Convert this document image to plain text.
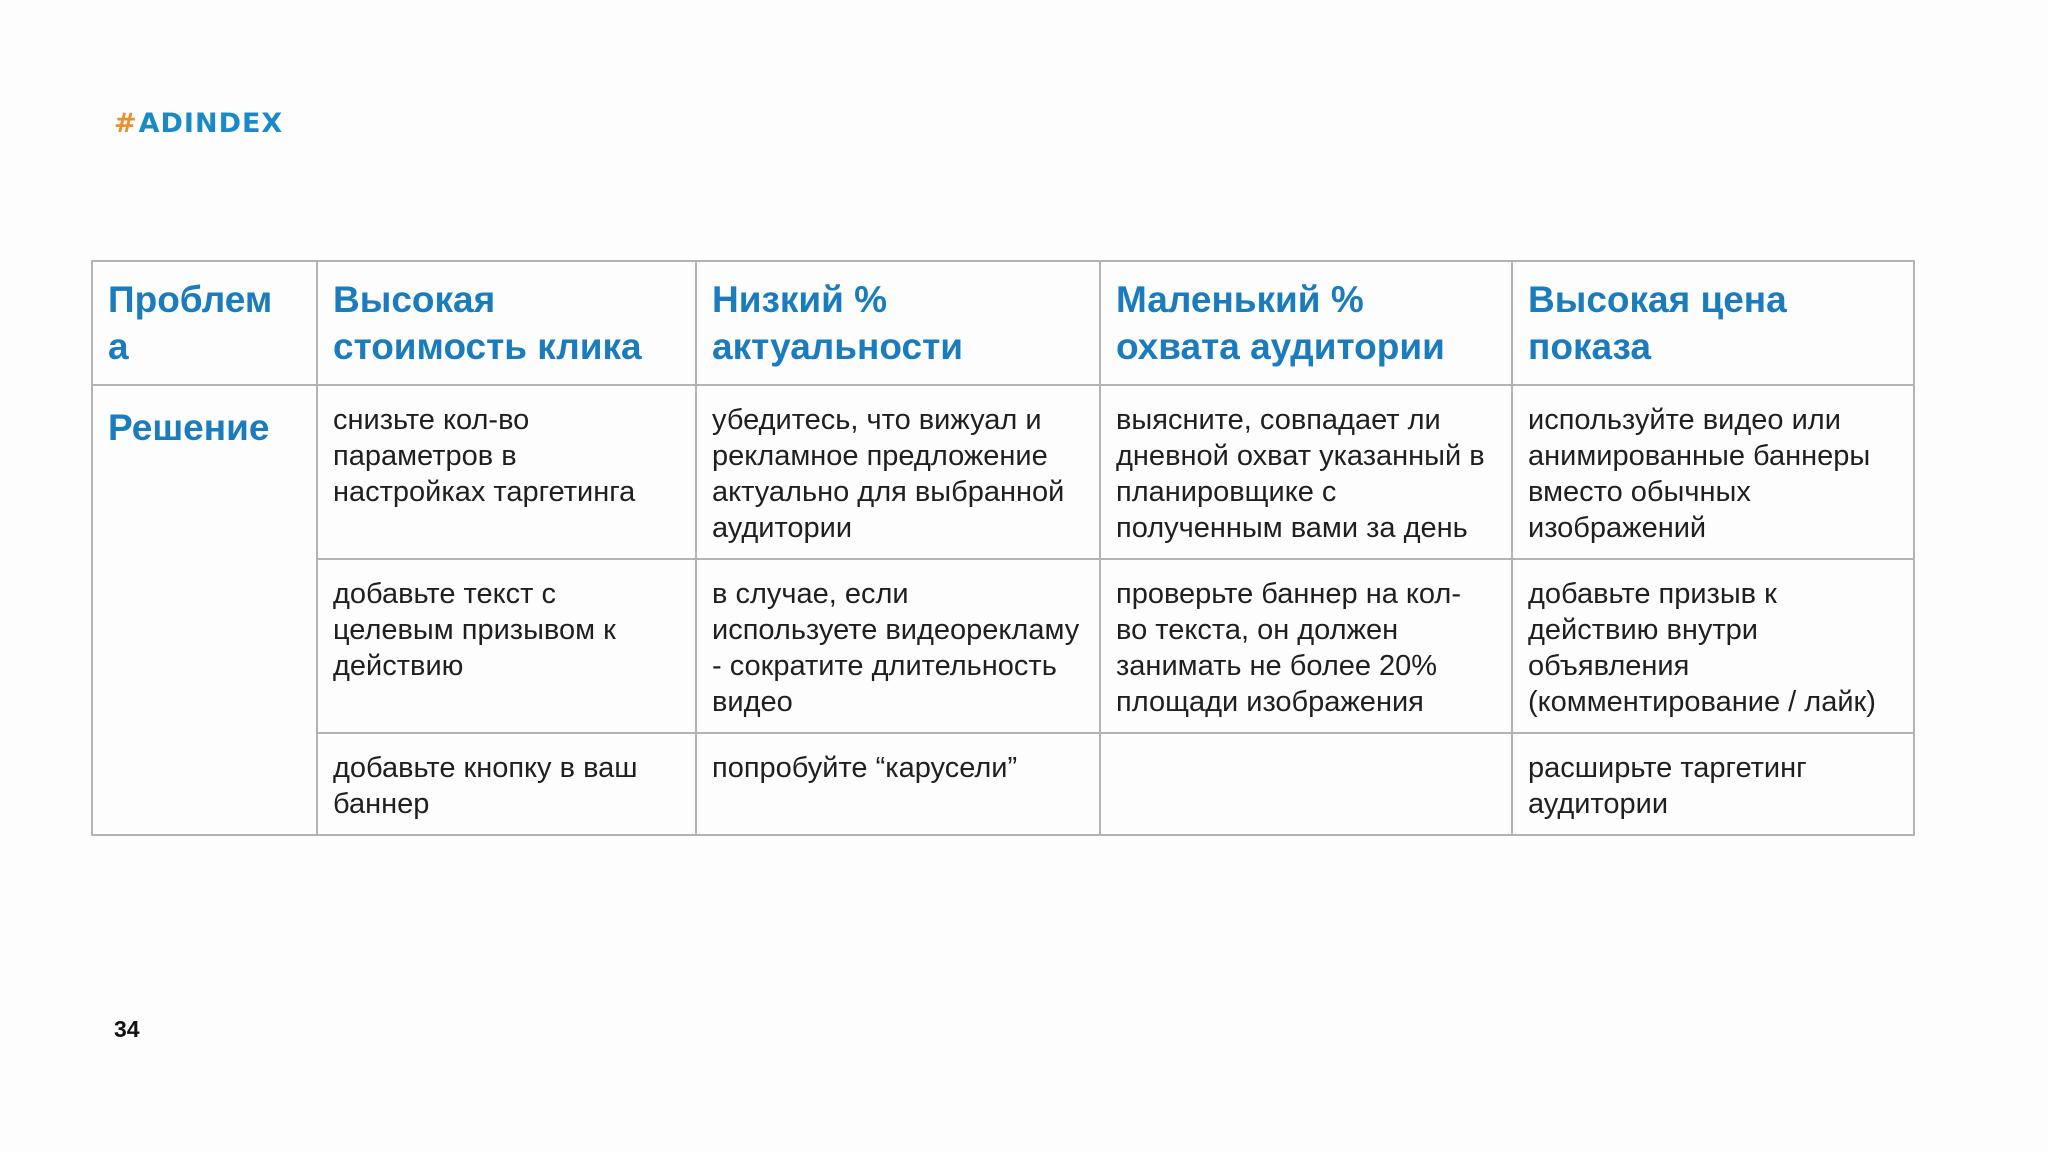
# ADINDEX
Проблем а	Высокая стоимость клика	Низкий % актуальности	Маленький % охвата аудитории	Высокая цена показа
Решение	снизьте кол-во параметров в настройках таргетинга	убедитесь, что вижуал и рекламное предложение актуально для выбранной аудитории	выясните, совпадает ли дневной охват указанный в планировщике с полученным вами за день	используйте видео или анимированные баннеры вместо обычных изображений
	добавьте текст с целевым призывом к действию	в случае, если используете видеорекламу - сократите длительность видео	проверьте баннер на кол-во текста, он должен занимать не более 20% площади изображения	добавьте призыв к действию внутри объявления (комментирование / лайк)
	добавьте кнопку в ваш баннер	попробуйте “карусели”		расширьте таргетинг аудитории
34
